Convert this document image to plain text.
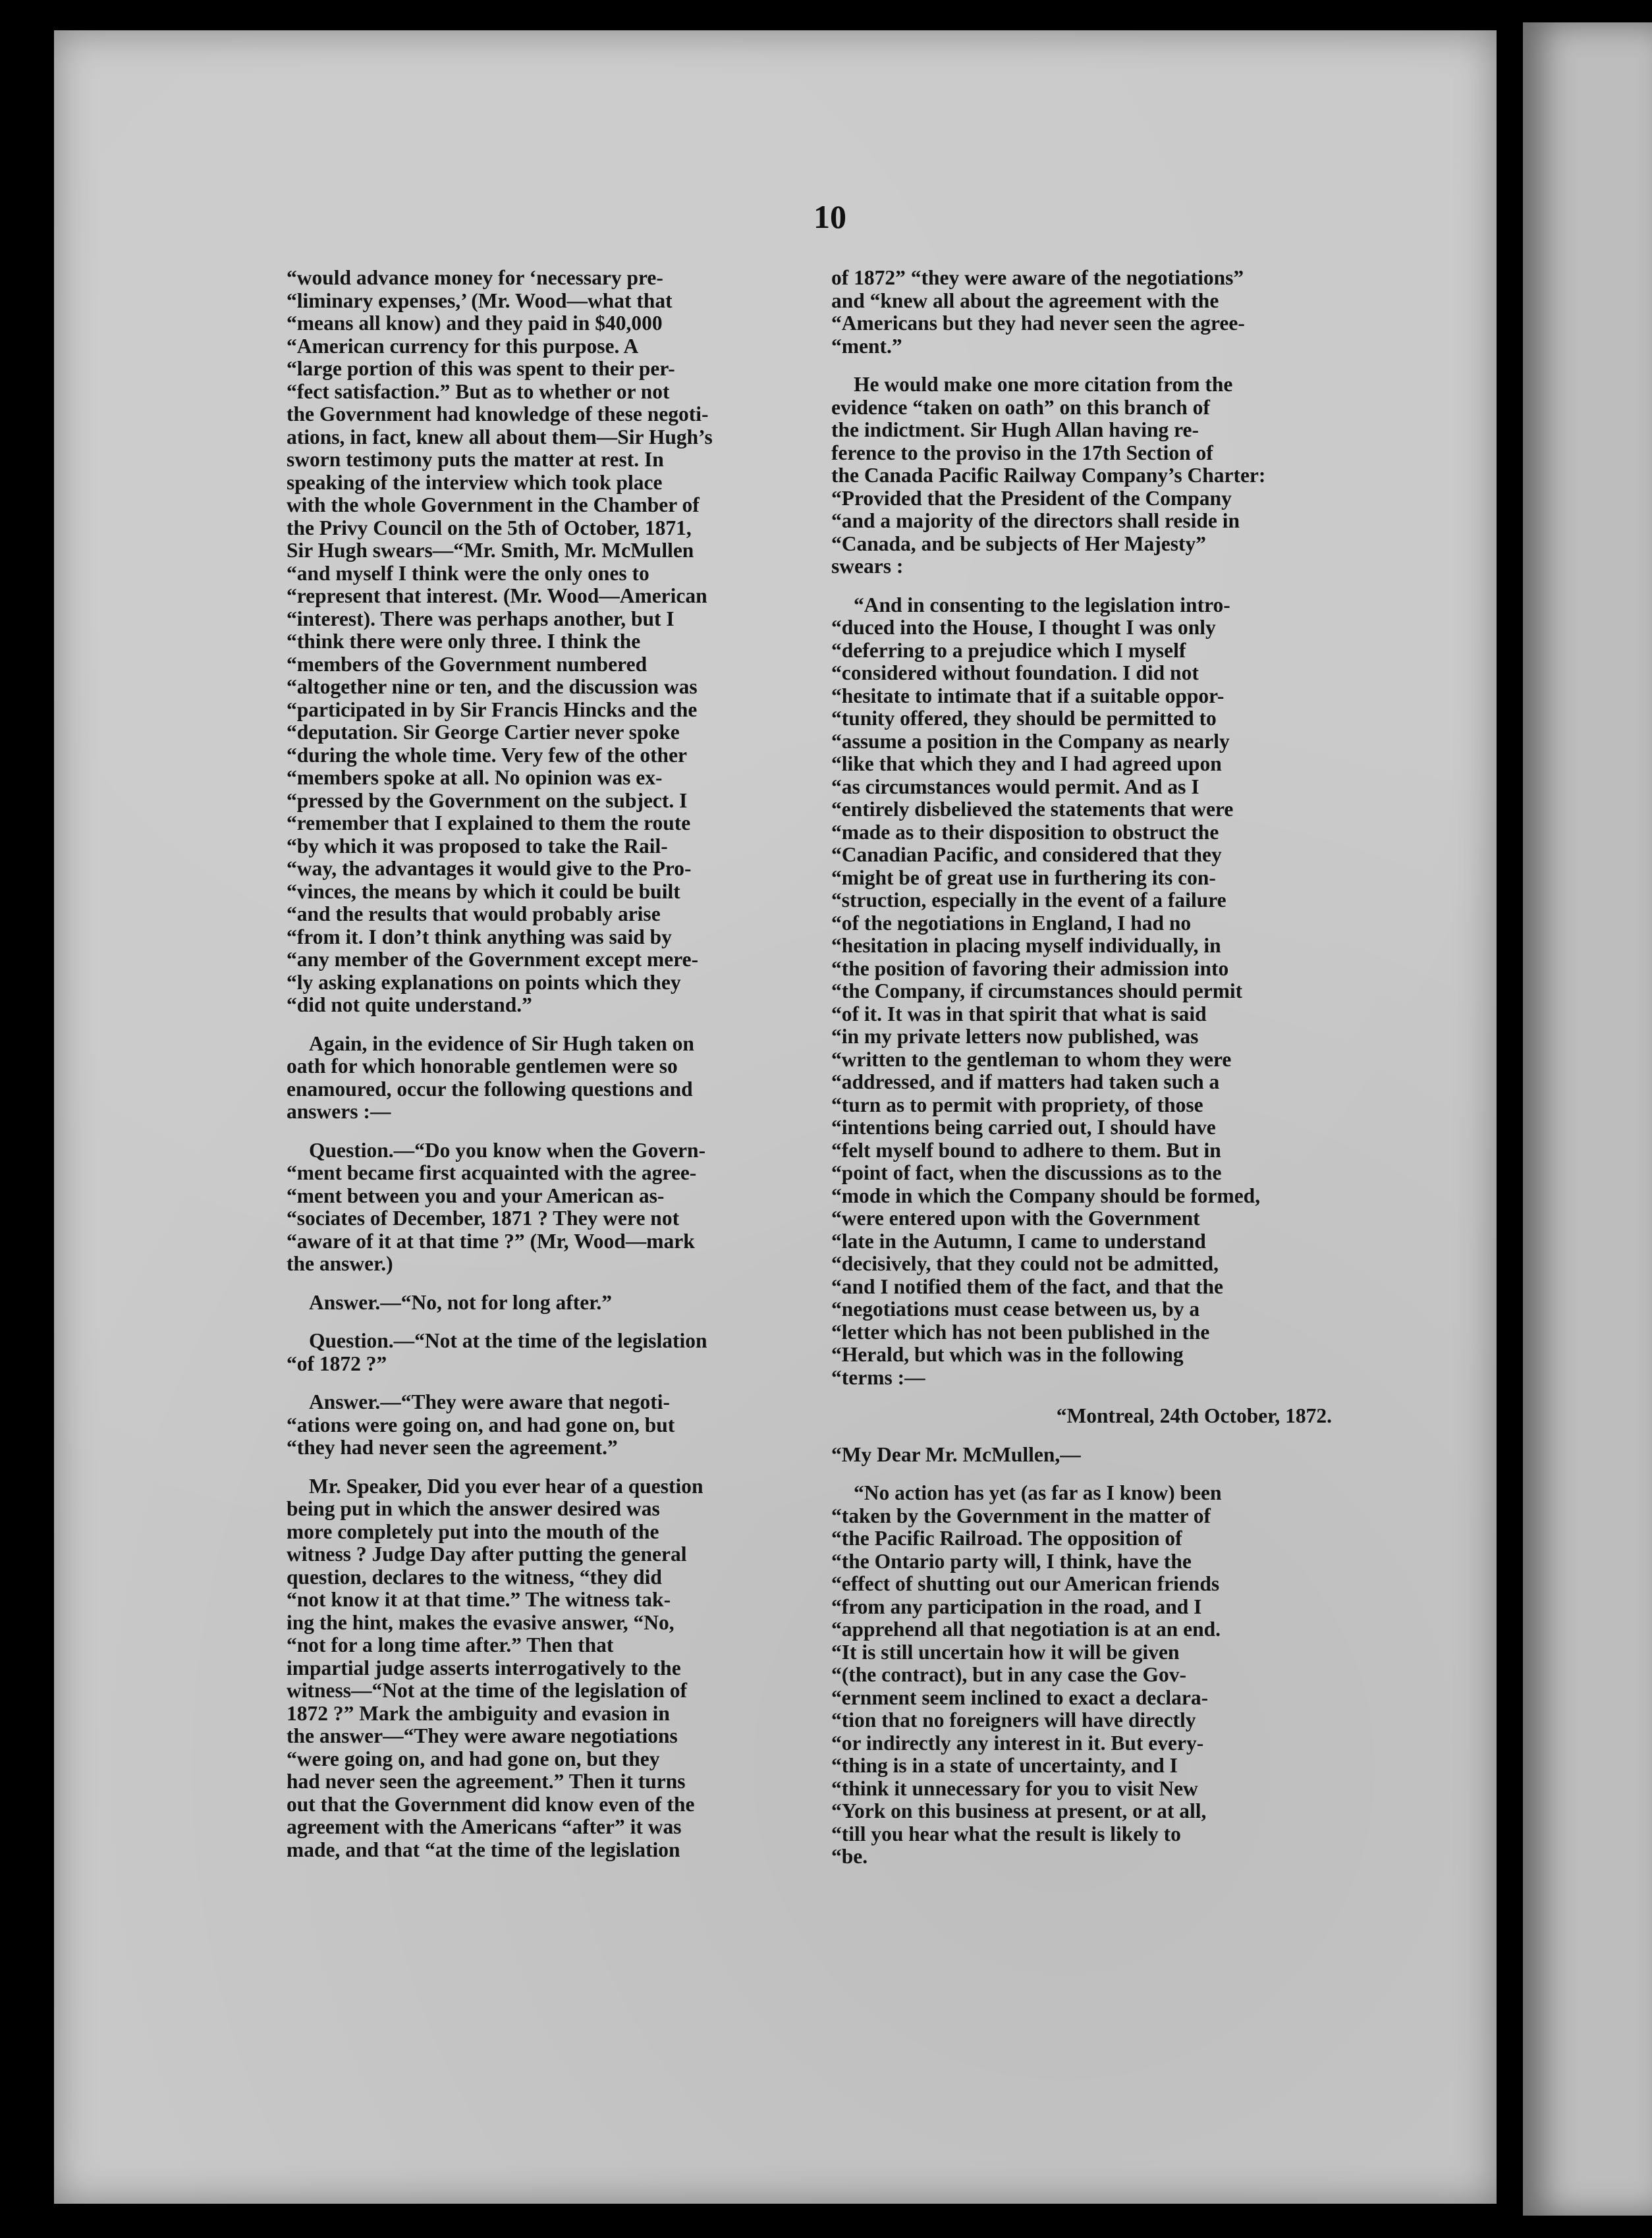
10

“would advance money for ‘necessary pre-
“liminary expenses,’ (Mr. Wood—what that
“means all know) and they paid in $40,000
“American currency for this purpose. A
“large portion of this was spent to their per-
“fect satisfaction.” But as to whether or not
the Government had knowledge of these negoti-
ations, in fact, knew all about them—Sir Hugh’s
sworn testimony puts the matter at rest. In
speaking of the interview which took place
with the whole Government in the Chamber of
the Privy Council on the 5th of October, 1871,
Sir Hugh swears—“Mr. Smith, Mr. McMullen
“and myself I think were the only ones to
“represent that interest. (Mr. Wood—American
“interest). There was perhaps another, but I
“think there were only three. I think the
“members of the Government numbered
“altogether nine or ten, and the discussion was
“participated in by Sir Francis Hincks and the
“deputation. Sir George Cartier never spoke
“during the whole time. Very few of the other
“members spoke at all. No opinion was ex-
“pressed by the Government on the subject. I
“remember that I explained to them the route
“by which it was proposed to take the Rail-
“way, the advantages it would give to the Pro-
“vinces, the means by which it could be built
“and the results that would probably arise
“from it. I don’t think anything was said by
“any member of the Government except mere-
“ly asking explanations on points which they
“did not quite understand.”

Again, in the evidence of Sir Hugh taken on
oath for which honorable gentlemen were so
enamoured, occur the following questions and
answers :—

Question.—“Do you know when the Govern-
“ment became first acquainted with the agree-
“ment between you and your American as-
“sociates of December, 1871 ? They were not
“aware of it at that time ?” (Mr, Wood—mark
the answer.)

Answer.—“No, not for long after.”

Question.—“Not at the time of the legislation
“of 1872 ?”

Answer.—“They were aware that negoti-
“ations were going on, and had gone on, but
“they had never seen the agreement.”

Mr. Speaker, Did you ever hear of a question
being put in which the answer desired was
more completely put into the mouth of the
witness ? Judge Day after putting the general
question, declares to the witness, “they did
“not know it at that time.” The witness tak-
ing the hint, makes the evasive answer, “No,
“not for a long time after.” Then that
impartial judge asserts interrogatively to the
witness—“Not at the time of the legislation of
1872 ?” Mark the ambiguity and evasion in
the answer—“They were aware negotiations
“were going on, and had gone on, but they
had never seen the agreement.” Then it turns
out that the Government did know even of the
agreement with the Americans “after” it was
made, and that “at the time of the legislation

of 1872” “they were aware of the negotiations”
and “knew all about the agreement with the
“Americans but they had never seen the agree-
“ment.”

He would make one more citation from the
evidence “taken on oath” on this branch of
the indictment. Sir Hugh Allan having re-
ference to the proviso in the 17th Section of
the Canada Pacific Railway Company’s Charter:
“Provided that the President of the Company
“and a majority of the directors shall reside in
“Canada, and be subjects of Her Majesty”
swears :

“And in consenting to the legislation intro-
“duced into the House, I thought I was only
“deferring to a prejudice which I myself
“considered without foundation. I did not
“hesitate to intimate that if a suitable oppor-
“tunity offered, they should be permitted to
“assume a position in the Company as nearly
“like that which they and I had agreed upon
“as circumstances would permit. And as I
“entirely disbelieved the statements that were
“made as to their disposition to obstruct the
“Canadian Pacific, and considered that they
“might be of great use in furthering its con-
“struction, especially in the event of a failure
“of the negotiations in England, I had no
“hesitation in placing myself individually, in
“the position of favoring their admission into
“the Company, if circumstances should permit
“of it. It was in that spirit that what is said
“in my private letters now published, was
“written to the gentleman to whom they were
“addressed, and if matters had taken such a
“turn as to permit with propriety, of those
“intentions being carried out, I should have
“felt myself bound to adhere to them. But in
“point of fact, when the discussions as to the
“mode in which the Company should be formed,
“were entered upon with the Government
“late in the Autumn, I came to understand
“decisively, that they could not be admitted,
“and I notified them of the fact, and that the
“negotiations must cease between us, by a
“letter which has not been published in the
“Herald, but which was in the following
“terms :—

“Montreal, 24th October, 1872.

“My Dear Mr. McMullen,—

“No action has yet (as far as I know) been
“taken by the Government in the matter of
“the Pacific Railroad. The opposition of
“the Ontario party will, I think, have the
“effect of shutting out our American friends
“from any participation in the road, and I
“apprehend all that negotiation is at an end.
“It is still uncertain how it will be given
“(the contract), but in any case the Gov-
“ernment seem inclined to exact a declara-
“tion that no foreigners will have directly
“or indirectly any interest in it. But every-
“thing is in a state of uncertainty, and I
“think it unnecessary for you to visit New
“York on this business at present, or at all,
“till you hear what the result is likely to
“be.
